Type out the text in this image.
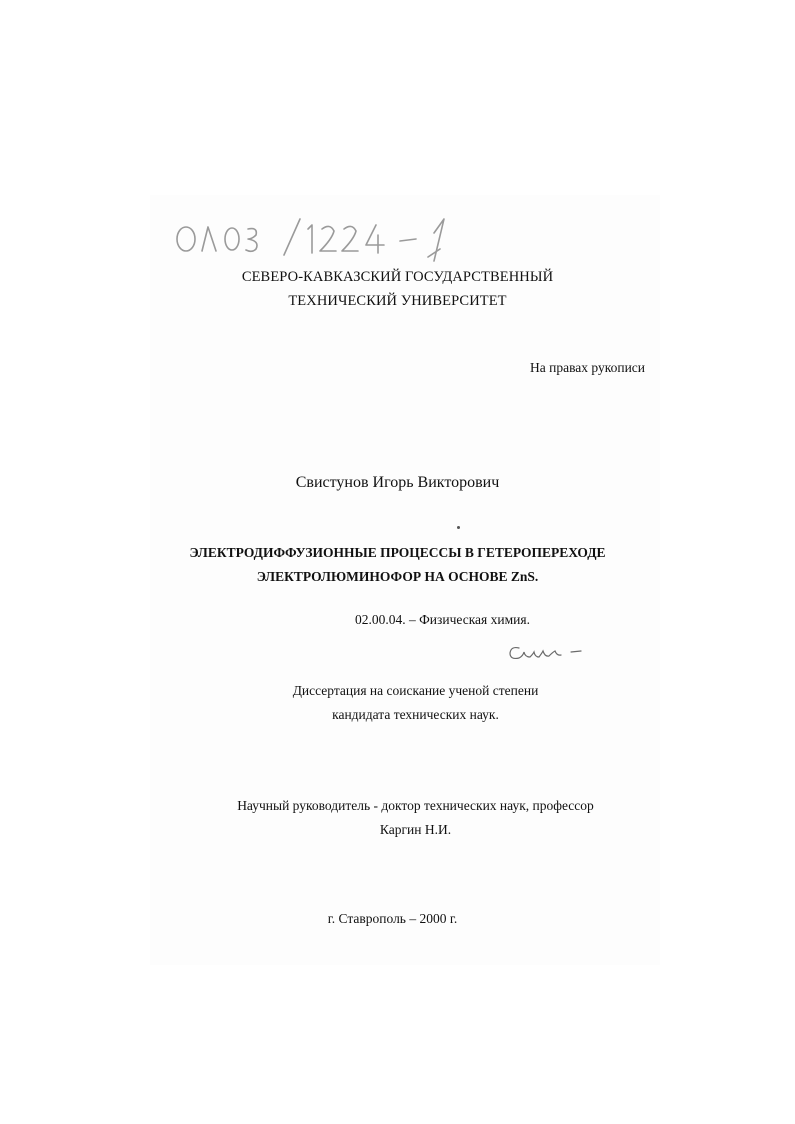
СЕВЕРО-КАВКАЗСКИЙ ГОСУДАРСТВЕННЫЙ
ТЕХНИЧЕСКИЙ УНИВЕРСИТЕТ
На правах рукописи
Свистунов Игорь Викторович
ЭЛЕКТРОДИФФУЗИОННЫЕ ПРОЦЕССЫ В ГЕТЕРОПЕРЕХОДЕ
ЭЛЕКТРОЛЮМИНОФОР НА ОСНОВЕ ZnS.
02.00.04. – Физическая химия.
Диссертация на соискание ученой степени
кандидата технических наук.
Научный руководитель - доктор технических наук, профессор
Каргин Н.И.
г. Ставрополь – 2000 г.
